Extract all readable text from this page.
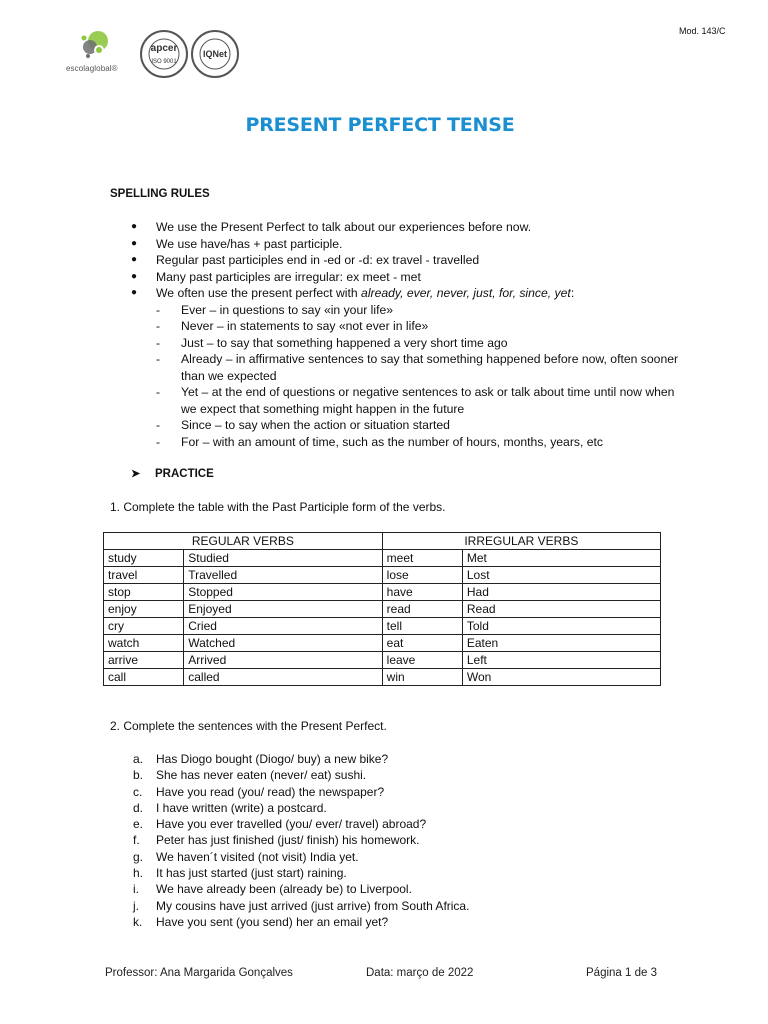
apcer
ISO 9001
IQNet
escolaglobal®
Mod. 143/C
PRESENT PERFECT TENSE
SPELLING RULES
● We use the Present Perfect to talk about our experiences before now.
● We use have/has + past participle.
● Regular past participles end in -ed or -d: ex travel - travelled
● Many past participles are irregular: ex meet - met
● We often use the present perfect with already, ever, never, just, for, since, yet:
- Ever – in questions to say «in your life»
- Never – in statements to say «not ever in life»
- Just – to say that something happened a very short time ago
- Already – in affirmative sentences to say that something happened before now, often sooner than we expected
- Yet – at the end of questions or negative sentences to ask or talk about time until now when we expect that something might happen in the future
- Since – to say when the action or situation started
- For – with an amount of time, such as the number of hours, months, years, etc
➤ PRACTICE
1. Complete the table with the Past Participle form of the verbs.
REGULAR VERBS		IRREGULAR VERBS	
study	Studied	meet	Met
travel	Travelled	lose	Lost
stop	Stopped	have	Had
enjoy	Enjoyed	read	Read
cry	Cried	tell	Told
watch	Watched	eat	Eaten
arrive	Arrived	leave	Left
call	called	win	Won
2. Complete the sentences with the Present Perfect.
a. Has Diogo bought (Diogo/ buy) a new bike?
b. She has never eaten (never/ eat) sushi.
c. Have you read (you/ read) the newspaper?
d. I have written (write) a postcard.
e. Have you ever travelled (you/ ever/ travel) abroad?
f. Peter has just finished (just/ finish) his homework.
g. We haven´t visited (not visit) India yet.
h. It has just started (just start) raining.
i. We have already been (already be) to Liverpool.
j. My cousins have just arrived (just arrive) from South Africa.
k. Have you sent (you send) her an email yet?
Professor: Ana Margarida Gonçalves	Data: março de 2022	Página 1 de 3
